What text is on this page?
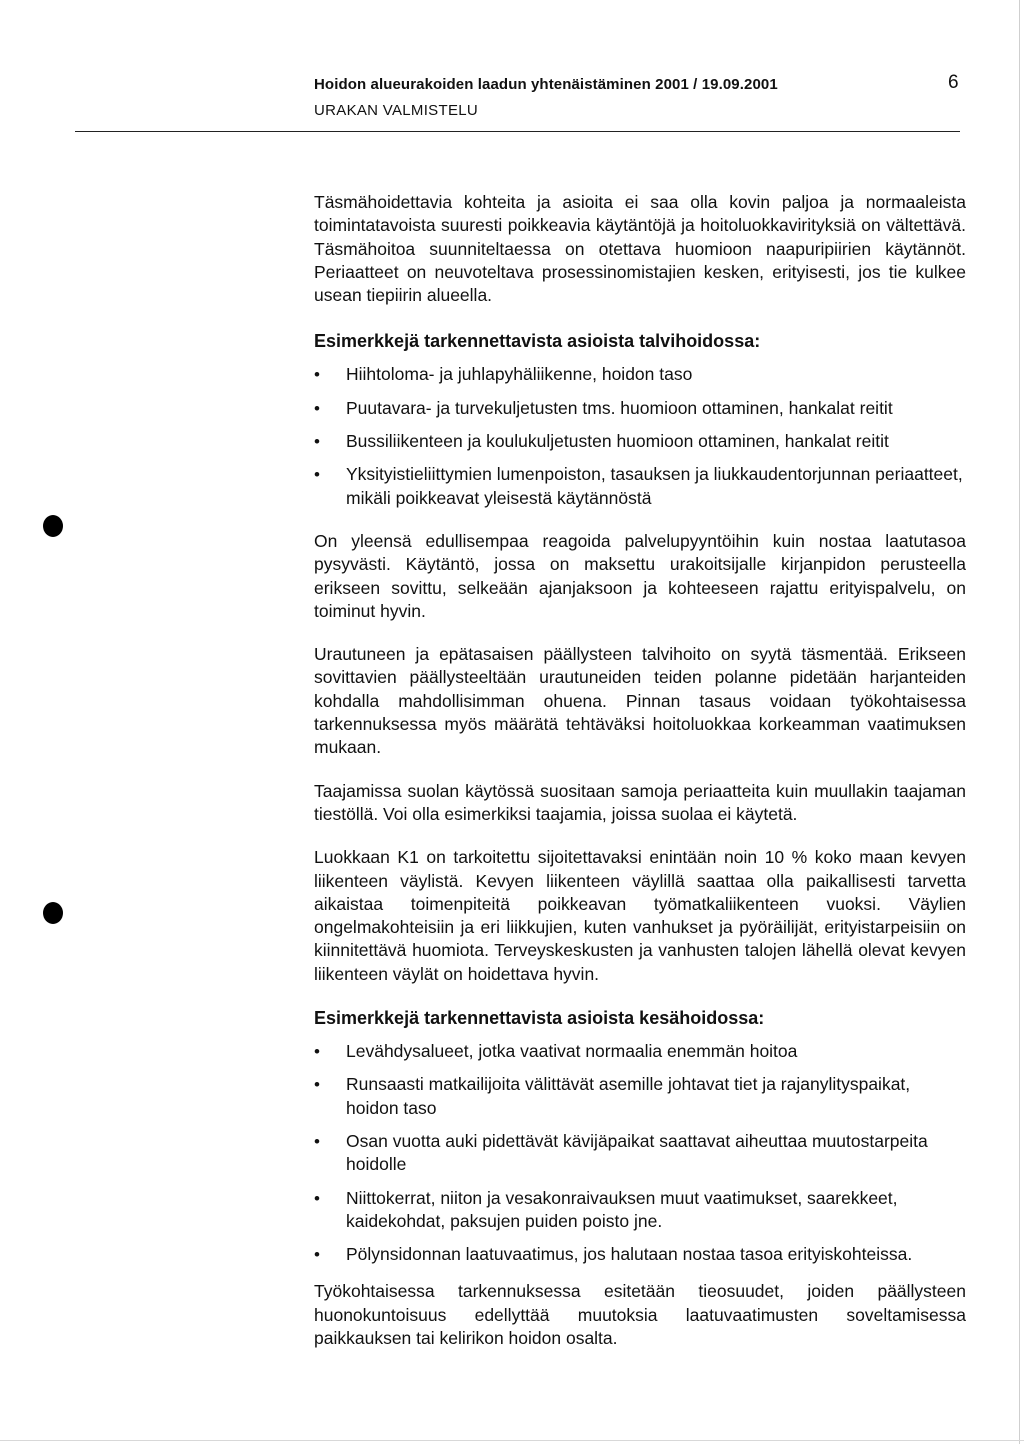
Hoidon alueurakoiden laadun yhtenäistäminen 2001 / 19.09.2001	6
URAKAN VALMISTELU

Täsmähoidettavia kohteita ja asioita ei saa olla kovin paljoa ja normaaleista toimintatavoista suuresti poikkeavia käytäntöjä ja hoitoluokkavirityksiä on vältettävä. Täsmähoitoa suunniteltaessa on otettava huomioon naapuripiirien käytännöt. Periaatteet on neuvoteltava prosessinomistajien kesken, erityisesti, jos tie kulkee usean tiepiirin alueella.

Esimerkkejä tarkennettavista asioista talvihoidossa:
• Hiihtoloma- ja juhlapyhäliikenne, hoidon taso
• Puutavara- ja turvekuljetusten tms. huomioon ottaminen, hankalat reitit
• Bussiliikenteen ja koulukuljetusten huomioon ottaminen, hankalat reitit
• Yksityistieliittymien lumenpoiston, tasauksen ja liukkaudentorjunnan periaatteet, mikäli poikkeavat yleisestä käytännöstä

On yleensä edullisempaa reagoida palvelupyyntöihin kuin nostaa laatutasoa pysyvästi. Käytäntö, jossa on maksettu urakoitsijalle kirjanpidon perusteella erikseen sovittu, selkeään ajanjaksoon ja kohteeseen rajattu erityispalvelu, on toiminut hyvin.

Urautuneen ja epätasaisen päällysteen talvihoito on syytä täsmentää. Erikseen sovittavien päällysteeltään urautuneiden teiden polanne pidetään harjanteiden kohdalla mahdollisimman ohuena. Pinnan tasaus voidaan työkohtaisessa tarkennuksessa myös määrätä tehtäväksi hoitoluokkaa korkeamman vaatimuksen mukaan.

Taajamissa suolan käytössä suositaan samoja periaatteita kuin muullakin taajaman tiestöllä. Voi olla esimerkiksi taajamia, joissa suolaa ei käytetä.

Luokkaan K1 on tarkoitettu sijoitettavaksi enintään noin 10 % koko maan kevyen liikenteen väylistä. Kevyen liikenteen väylillä saattaa olla paikallisesti tarvetta aikaistaa toimenpiteitä poikkeavan työmatkaliikenteen vuoksi. Väylien ongelmakohteisiin ja eri liikkujien, kuten vanhukset ja pyöräilijät, erityistarpeisiin on kiinnitettävä huomiota. Terveyskeskusten ja vanhusten talojen lähellä olevat kevyen liikenteen väylät on hoidettava hyvin.

Esimerkkejä tarkennettavista asioista kesähoidossa:
• Levähdysalueet, jotka vaativat normaalia enemmän hoitoa
• Runsaasti matkailijoita välittävät asemille johtavat tiet ja rajanylityspaikat, hoidon taso
• Osan vuotta auki pidettävät kävijäpaikat saattavat aiheuttaa muutostarpeita hoidolle
• Niittokerrat, niiton ja vesakonraivauksen muut vaatimukset, saarekkeet, kaidekohdat, paksujen puiden poisto jne.
• Pölynsidonnan laatuvaatimus, jos halutaan nostaa tasoa erityiskohteissa.

Työkohtaisessa tarkennuksessa esitetään tieosuudet, joiden päällysteen huonokuntoisuus edellyttää muutoksia laatuvaatimusten soveltamisessa paikkauksen tai kelirikon hoidon osalta.
